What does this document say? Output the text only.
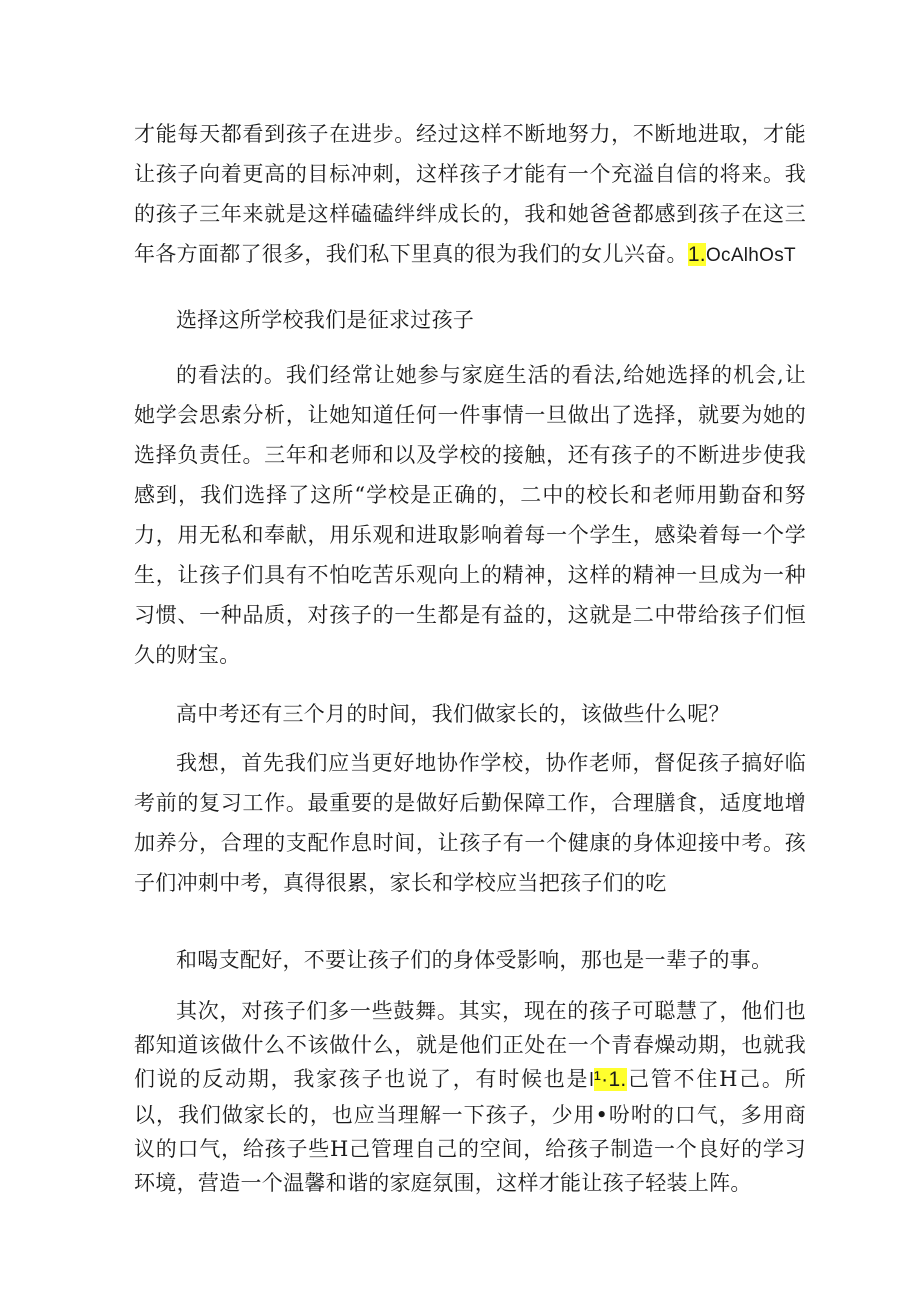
才能每天都看到孩子在进步。经过这样不断地努力，不断地进取，才能让孩子向着更高的目标冲刺，这样孩子才能有一个充溢自信的将来。我的孩子三年来就是这样磕磕绊绊成长的，我和她爸爸都感到孩子在这三年各方面都了很多，我们私下里真的很为我们的女儿兴奋。1.OcAlhOsT

选择这所学校我们是征求过孩子

的看法的。我们经常让她参与家庭生活的看法,给她选择的机会,让她学会思索分析，让她知道任何一件事情一旦做出了选择，就要为她的选择负责任。三年和老师和以及学校的接触，还有孩子的不断进步使我感到，我们选择了这所“学校是正确的，二中的校长和老师用勤奋和努力，用无私和奉献，用乐观和进取影响着每一个学生，感染着每一个学生，让孩子们具有不怕吃苦乐观向上的精神，这样的精神一旦成为一种习惯、一种品质，对孩子的一生都是有益的，这就是二中带给孩子们恒久的财宝。

高中考还有三个月的时间，我们做家长的，该做些什么呢？

我想，首先我们应当更好地协作学校，协作老师，督促孩子搞好临考前的复习工作。最重要的是做好后勤保障工作，合理膳食，适度地增加养分，合理的支配作息时间，让孩子有一个健康的身体迎接中考。孩子们冲刺中考，真得很累，家长和学校应当把孩子们的吃

和喝支配好，不要让孩子们的身体受影响，那也是一辈子的事。

其次，对孩子们多一些鼓舞。其实，现在的孩子可聪慧了，他们也都知道该做什么不该做什么，就是他们正处在一个青春燥动期，也就我们说的反动期，我家孩子也说了，有时候也是l¹·1.己管不住H己。所以，我们做家长的，也应当理解一下孩子，少用•吩咐的口气，多用商议的口气，给孩子些H己管理自己的空间，给孩子制造一个良好的学习环境，营造一个温馨和谐的家庭氛围，这样才能让孩子轻装上阵。
